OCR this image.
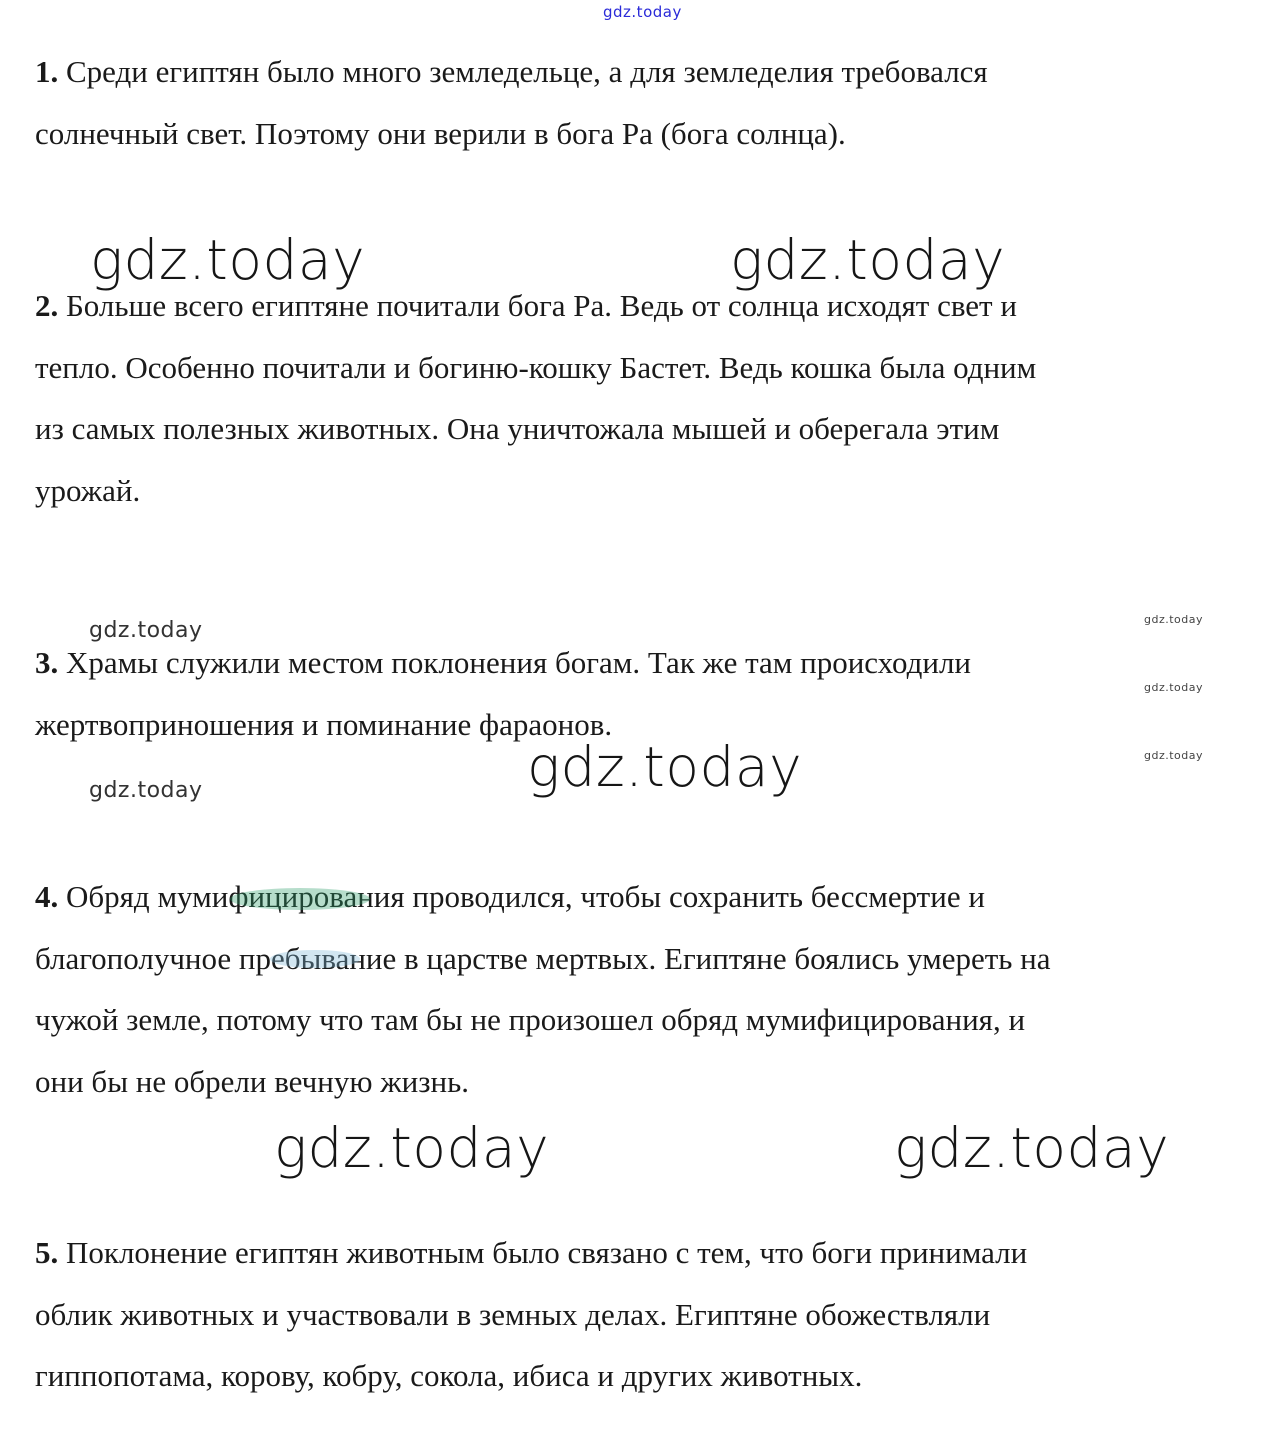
gdz.today

1. Среди египтян было много земледельце, а для земледелия требовался
солнечный свет. Поэтому они верили в бога Ра (бога солнца).

gdz.today	gdz.today

2. Больше всего египтяне почитали бога Ра. Ведь от солнца исходят свет и
тепло. Особенно почитали и богиню-кошку Бастет. Ведь кошка была одним
из самых полезных животных. Она уничтожала мышей и оберегала этим
урожай.

gdz.today	gdz.today
gdz.today
gdz.today

3. Храмы служили местом поклонения богам. Так же там происходили
жертвоприношения и поминание фараонов.

gdz.today
gdz.today

4. Обряд мумифицирования проводился, чтобы сохранить бессмертие и
благополучное пребывание в царстве мертвых. Египтяне боялись умереть на
чужой земле, потому что там бы не произошел обряд мумифицирования, и
они бы не обрели вечную жизнь.

gdz.today	gdz.today

5. Поклонение египтян животным было связано с тем, что боги принимали
облик животных и участвовали в земных делах. Египтяне обожествляли
гиппопотама, корову, кобру, сокола, ибиса и других животных.
